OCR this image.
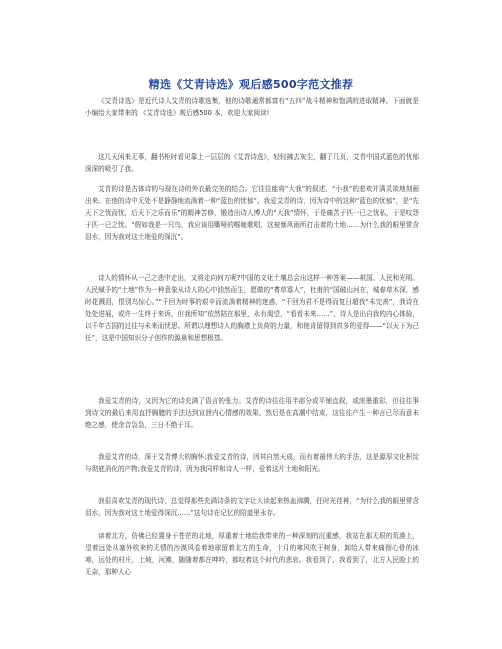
精选《艾青诗选》观后感500字范文推荐
《艾青诗选》是近代诗人艾青的诗歌选集，他的诗歌通常都富有“五四”战斗精神和饱满的进取精神。下面就是小编给大家带来的 《艾青诗选》观后感500 本，欢迎大家阅读!
这几天闲来无事，翻书柜时看见靠上一层层的《艾青诗选》，轻轻拂去灰尘，翻了几页，艾青中国式蓝色的忧郁深深的吸引了我。
艾青的诗是古体诗的与现在诗的外衣最完美的结合。它往往能将“大我”的叙述、“小我”的悲欢并满灵欲地刻画出来。在他的诗中无处不是静静地流淌着一种“蓝色的忧郁”。我爱艾青的诗，因为诗中的这种“蓝色的忧郁”，是“先天下之忧而忧，后天下之乐而乐”的精神苦修，锻造出诗人博大的“大我”情怀，于是痛苦于匹一已之忧私，于是叹怨于匹一已之忧。“假如我是一只鸟，我应该用嘶哑的喉咙歌唱，这被暴风雨所打击着的土地……为什么我的眼里常含泪水，因为我对这土地爱的深沉”。
诗人的情怀从一己之悲中走出，又将走向何方呢?中国的文化土壤总会出这样一种答案——祖国、人民和光明。人民赋予的“土地”作为一种意象从诗人的心中油然而生，愿做的“耆草寡人”，杜甫的“国破山河在，城春草木深，感时花溅泪，恨别鸟惊心。”“千回为时事的艰辛而流淌着精神的迷惑，“千回为君不是得而复日超我“未完善”，我诗在处处进展，或许一生终于来诉，但我所知”依然陪在那里，永有渴望，“看看未来……”，诗人是出自我的内心体验，以千年古国的过往与未来而忧思。所谓以理想诗人的胸襟上负荷的力量，和他肯留得到真多的爱得——“以天下为己任”，这是中国知识分子创作的源泉和思想根基。
我爱艾青的诗，又因为它的诗充满了语言的张力。艾青的诗往往用半部分或平铺直叙，或浓墨重彩，但往往事到诗文的最后来用直抒胸臆的手法达到宣泄内心情感的效果。然后是在高潮中结束，这往往产生一种言已尽而意未绝之感，使余音袅袅，三日不绝于耳。
我爱艾青的诗，深于艾青博大的胸怀;我爱艾青的诗，因其自然天成，而有着最伟大的手法，这是源厚文化积淀与彻底消化的产物;我爱艾青的诗，因为我同样和诗人一样，爱着这片土地和阳光。
我很喜欢艾青的现代诗，总觉得那些充满诗条的文字让人读起来热血沸腾，任时光荏苒，“为什么我的眼里常含泪水，因为我对这土地爱得深沉……”这句诗在记忆的陪道里永存。
读着北方，仿佛已经置身于苍茫的北地，厚重着土地给我带来的一种深刻的沉重感，我站在那无垠的荒漠上，望着远处从塞外吹来的无情的沙漠风卷着地球留着北方的生命，十月的寒风吹干树身，卸给人带来痛彻心骨的冰寒，远处的村庄，上坡，河滩，随随着都在呻吟，都叹着这个时代的悲哀。我看到了，我看到了，北方人民脸上的无奈，那种人心
